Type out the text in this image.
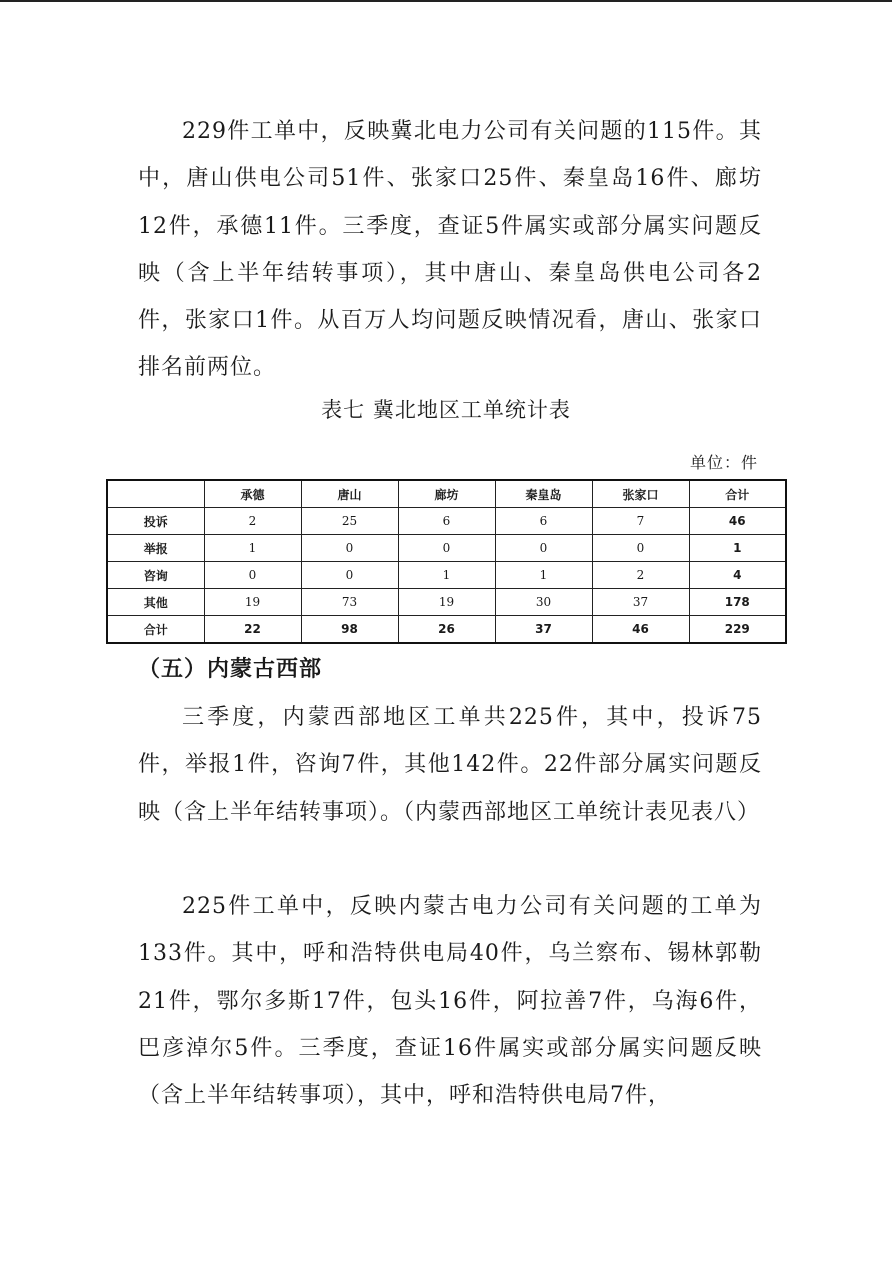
229件工单中，反映冀北电力公司有关问题的115件。其中，唐山供电公司51件、张家口25件、秦皇岛16件、廊坊12件，承德11件。三季度，查证5件属实或部分属实问题反映（含上半年结转事项），其中唐山、秦皇岛供电公司各2件，张家口1件。从百万人均问题反映情况看，唐山、张家口排名前两位。

表七 冀北地区工单统计表
单位：件
	承德	唐山	廊坊	秦皇岛	张家口	合计
投诉	2	25	6	6	7	46
举报	1	0	0	0	0	1
咨询	0	0	1	1	2	4
其他	19	73	19	30	37	178
合计	22	98	26	37	46	229
（五）内蒙古西部

三季度，内蒙西部地区工单共225件，其中，投诉75件，举报1件，咨询7件，其他142件。22件部分属实问题反映（含上半年结转事项）。（内蒙西部地区工单统计表见表八）

225件工单中，反映内蒙古电力公司有关问题的工单为133件。其中，呼和浩特供电局40件，乌兰察布、锡林郭勒21件，鄂尔多斯17件，包头16件，阿拉善7件，乌海6件，巴彦淖尔5件。三季度，查证16件属实或部分属实问题反映（含上半年结转事项），其中，呼和浩特供电局7件，
